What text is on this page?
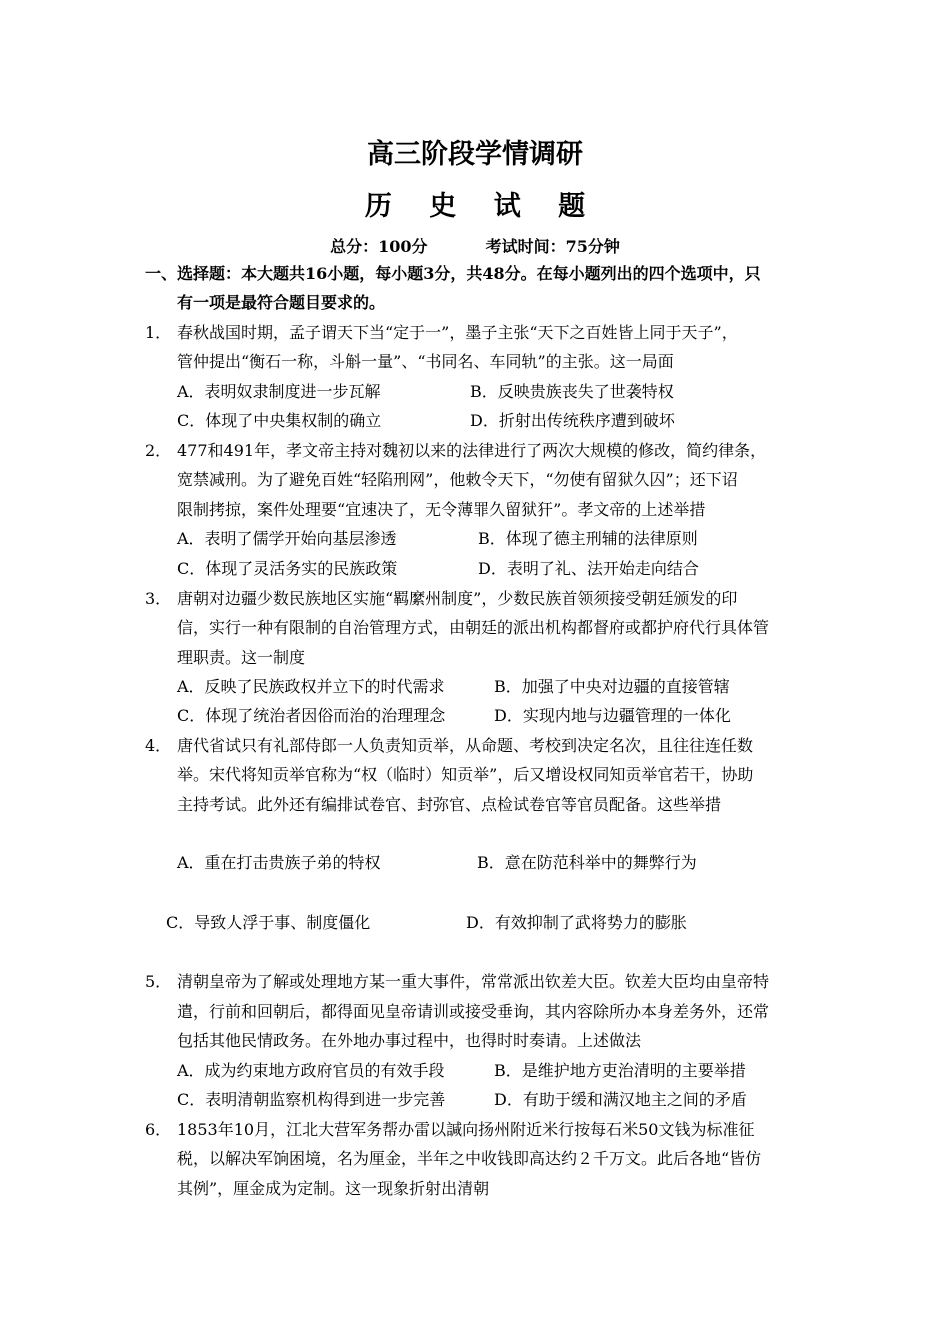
高三阶段学情调研
历 史 试 题
总分：100分	考试时间：75分钟
一、选择题：本大题共16小题，每小题3分，共48分。在每小题列出的四个选项中，只
有一项是最符合题目要求的。
1． 春秋战国时期，孟子谓天下当“定于一”，墨子主张“天下之百姓皆上同于天子”，
管仲提出“衡石一称，斗斛一量”、“书同名、车同轨”的主张。这一局面
A．表明奴隶制度进一步瓦解	B．反映贵族丧失了世袭特权
C．体现了中央集权制的确立	D．折射出传统秩序遭到破坏
2． 477和491年，孝文帝主持对魏初以来的法律进行了两次大规模的修改，简约律条，
宽禁减刑。为了避免百姓“轻陷刑网”，他敕令天下，“勿使有留狱久囚”；还下诏
限制拷掠，案件处理要“宜速决了，无令薄罪久留狱犴”。孝文帝的上述举措
A．表明了儒学开始向基层渗透	B．体现了德主刑辅的法律原则
C．体现了灵活务实的民族政策	D．表明了礼、法开始走向结合
3． 唐朝对边疆少数民族地区实施“羁縻州制度”，少数民族首领须接受朝廷颁发的印
信，实行一种有限制的自治管理方式，由朝廷的派出机构都督府或都护府代行具体管
理职责。这一制度
A．反映了民族政权并立下的时代需求	B．加强了中央对边疆的直接管辖
C．体现了统治者因俗而治的治理理念	D．实现内地与边疆管理的一体化
4． 唐代省试只有礼部侍郎一人负责知贡举，从命题、考校到决定名次，且往往连任数
举。宋代将知贡举官称为“权（临时）知贡举”，后又增设权同知贡举官若干，协助
主持考试。此外还有编排试卷官、封弥官、点检试卷官等官员配备。这些举措
A．重在打击贵族子弟的特权	B．意在防范科举中的舞弊行为
C．导致人浮于事、制度僵化	D．有效抑制了武将势力的膨胀
5． 清朝皇帝为了解或处理地方某一重大事件，常常派出钦差大臣。钦差大臣均由皇帝特
遣，行前和回朝后，都得面见皇帝请训或接受垂询，其内容除所办本身差务外，还常
包括其他民情政务。在外地办事过程中，也得时时奏请。上述做法
A．成为约束地方政府官员的有效手段	B．是维护地方吏治清明的主要举措
C．表明清朝监察机构得到进一步完善	D．有助于缓和满汉地主之间的矛盾
6． 1853年10月，江北大营军务帮办雷以諴向扬州附近米行按每石米50文钱为标准征
税，以解决军饷困境，名为厘金，半年之中收钱即高达约２千万文。此后各地“皆仿
其例”，厘金成为定制。这一现象折射出清朝
